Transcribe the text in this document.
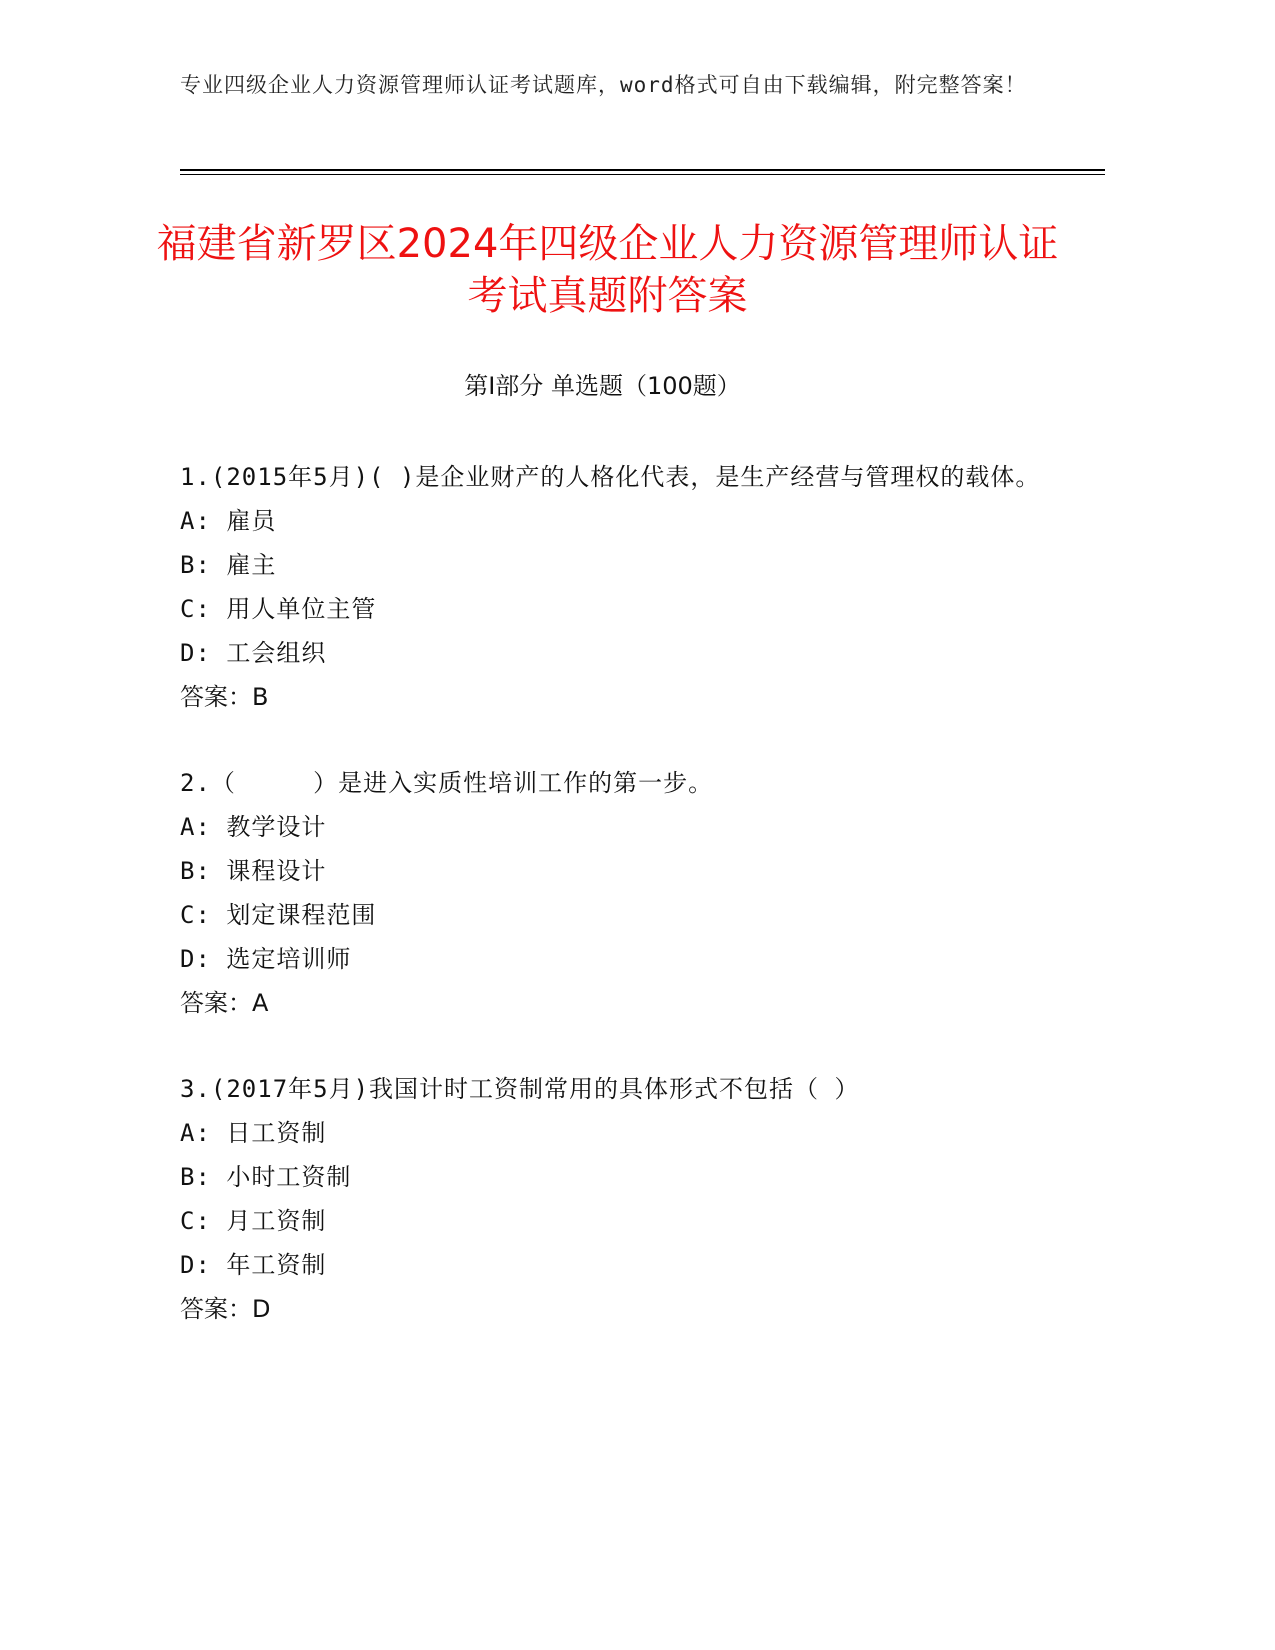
专业四级企业人力资源管理师认证考试题库，word格式可自由下载编辑，附完整答案！
福建省新罗区2024年四级企业人力资源管理师认证考试真题附答案
第Ⅰ部分 单选题（100题）

1.(2015年5月)( )是企业财产的人格化代表，是生产经营与管理权的载体。

A: 雇员

B: 雇主

C: 用人单位主管

D: 工会组织

答案：B

2.（     ）是进入实质性培训工作的第一步。

A: 教学设计

B: 课程设计

C: 划定课程范围

D: 选定培训师

答案：A

3.(2017年5月)我国计时工资制常用的具体形式不包括（ ）

A: 日工资制

B: 小时工资制

C: 月工资制

D: 年工资制

答案：D
